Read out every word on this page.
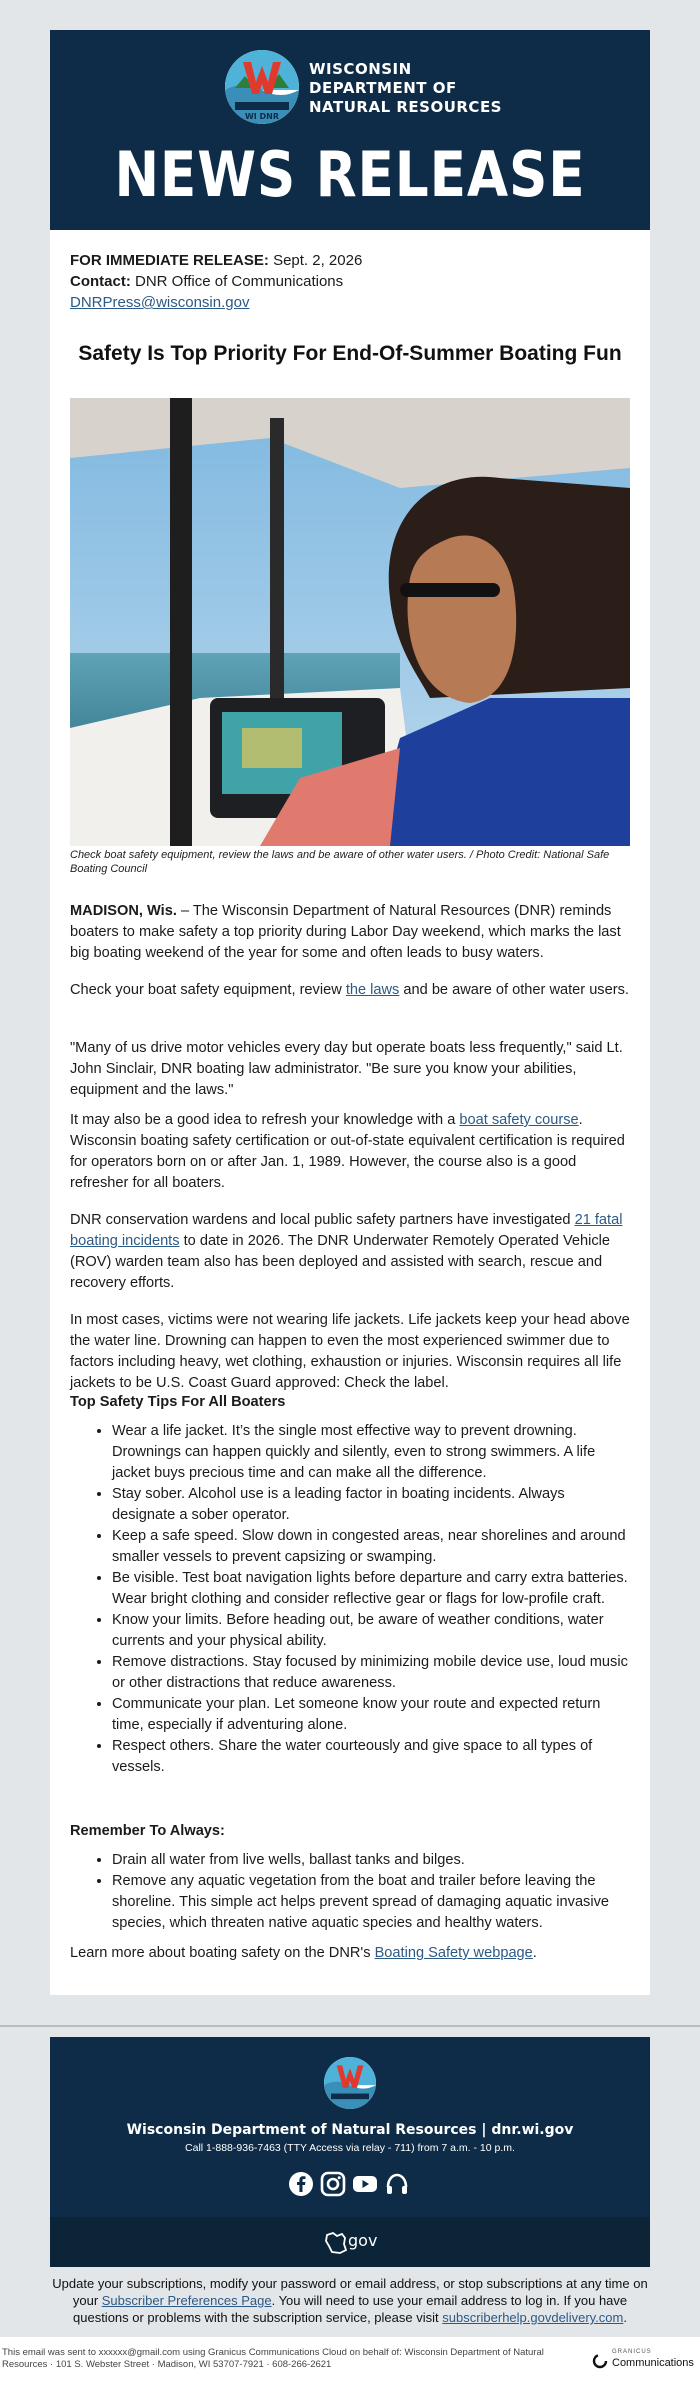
WI DNR
WISCONSIN
DEPARTMENT OF
NATURAL RESOURCES
NEWS RELEASE
FOR IMMEDIATE RELEASE: Sept. 2, 2026
Contact: DNR Office of Communications
DNRPress@wisconsin.gov
Safety Is Top Priority For End-Of-Summer Boating Fun
Check boat safety equipment, review the laws and be aware of other water users. / Photo Credit: National Safe Boating Council
MADISON, Wis. – The Wisconsin Department of Natural Resources (DNR) reminds boaters to make safety a top priority during Labor Day weekend, which marks the last big boating weekend of the year for some and often leads to busy waters.
Check your boat safety equipment, review the laws and be aware of other water users.
"Many of us drive motor vehicles every day but operate boats less frequently," said Lt. John Sinclair, DNR boating law administrator. "Be sure you know your abilities, equipment and the laws."
It may also be a good idea to refresh your knowledge with a boat safety course. Wisconsin boating safety certification or out-of-state equivalent certification is required for operators born on or after Jan. 1, 1989. However, the course also is a good refresher for all boaters.
DNR conservation wardens and local public safety partners have investigated 21 fatal boating incidents to date in 2026. The DNR Underwater Remotely Operated Vehicle (ROV) warden team also has been deployed and assisted with search, rescue and recovery efforts.
In most cases, victims were not wearing life jackets. Life jackets keep your head above the water line. Drowning can happen to even the most experienced swimmer due to factors including heavy, wet clothing, exhaustion or injuries. Wisconsin requires all life jackets to be U.S. Coast Guard approved: Check the label.
Top Safety Tips For All Boaters
• Wear a life jacket. It’s the single most effective way to prevent drowning. Drownings can happen quickly and silently, even to strong swimmers. A life jacket buys precious time and can make all the difference.
• Stay sober. Alcohol use is a leading factor in boating incidents. Always designate a sober operator.
• Keep a safe speed. Slow down in congested areas, near shorelines and around smaller vessels to prevent capsizing or swamping.
• Be visible. Test boat navigation lights before departure and carry extra batteries. Wear bright clothing and consider reflective gear or flags for low-profile craft.
• Know your limits. Before heading out, be aware of weather conditions, water currents and your physical ability.
• Remove distractions. Stay focused by minimizing mobile device use, loud music or other distractions that reduce awareness.
• Communicate your plan. Let someone know your route and expected return time, especially if adventuring alone.
• Respect others. Share the water courteously and give space to all types of vessels.
Remember To Always:
• Drain all water from live wells, ballast tanks and bilges.
• Remove any aquatic vegetation from the boat and trailer before leaving the shoreline. This simple act helps prevent spread of damaging aquatic invasive species, which threaten native aquatic species and healthy waters.
Learn more about boating safety on the DNR's Boating Safety webpage.
Wisconsin Department of Natural Resources | dnr.wi.gov
Call 1-888-936-7463 (TTY Access via relay - 711) from 7 a.m. - 10 p.m.
gov
Update your subscriptions, modify your password or email address, or stop subscriptions at any time on your Subscriber Preferences Page. You will need to use your email address to log in. If you have questions or problems with the subscription service, please visit subscriberhelp.govdelivery.com.
This email was sent to xxxxxx@gmail.com using Granicus Communications Cloud on behalf of: Wisconsin Department of Natural Resources · 101 S. Webster Street · Madison, WI 53707-7921 · 608-266-2621
GRANICUS
Communications
